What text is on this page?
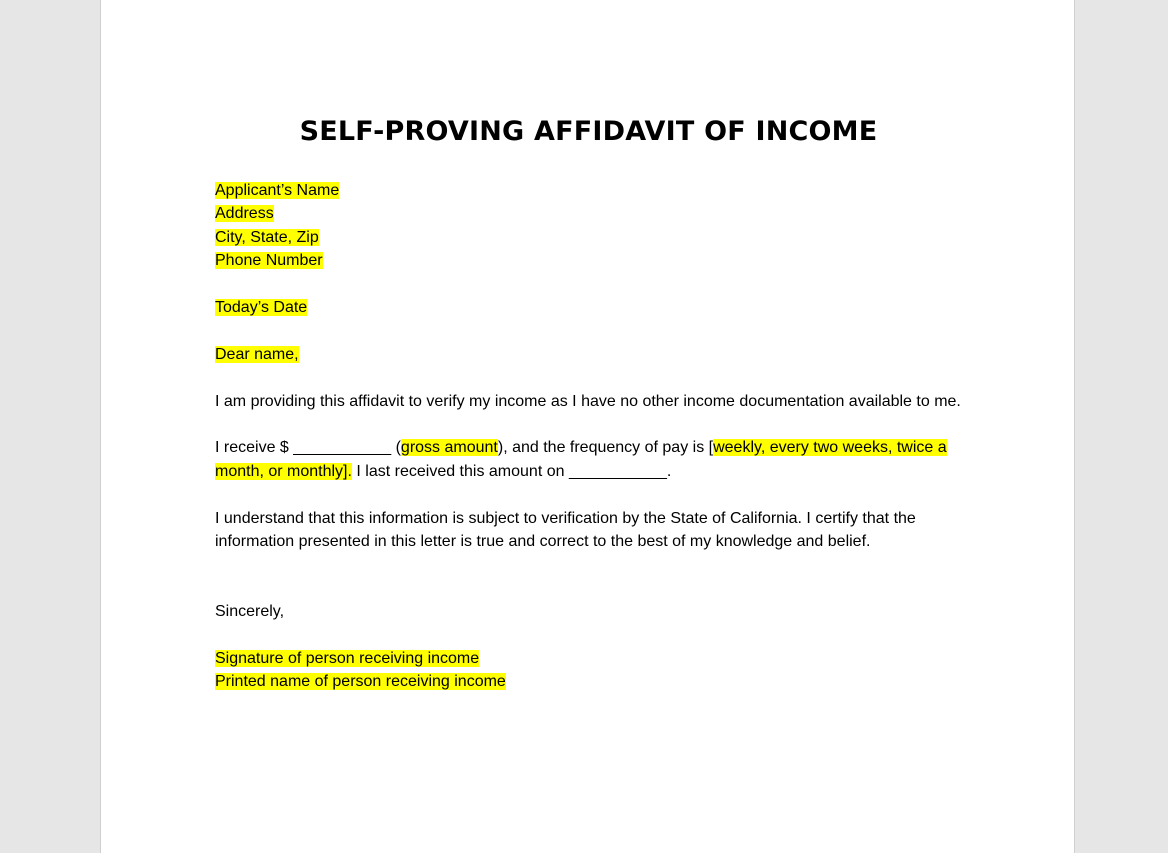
SELF-PROVING AFFIDAVIT OF INCOME
Applicant’s Name
Address
City, State, Zip
Phone Number
Today’s Date
Dear name,

I am providing this affidavit to verify my income as I have no other income documentation available to me.

I receive $ ___________ (gross amount), and the frequency of pay is [weekly, every two weeks, twice a month, or monthly]. I last received this amount on ___________.

I understand that this information is subject to verification by the State of California. I certify that the information presented in this letter is true and correct to the best of my knowledge and belief.

Sincerely,
Signature of person receiving income
Printed name of person receiving income
